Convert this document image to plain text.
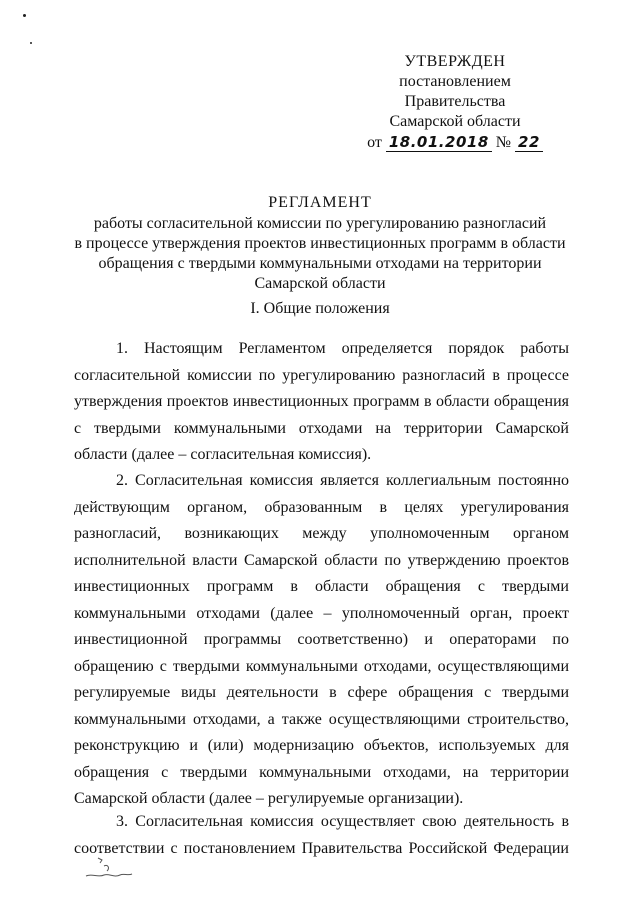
УТВЕРЖДЕН
постановлением Правительства
Самарской области
от 18.01.2018 № 22
РЕГЛАМЕНТ
работы согласительной комиссии по урегулированию разногласий
в процессе утверждения проектов инвестиционных программ в области
обращения с твердыми коммунальными отходами на территории
Самарской области
I. Общие положения

1. Настоящим Регламентом определяется порядок работы согласительной комиссии по урегулированию разногласий в процессе утверждения проектов инвестиционных программ в области обращения с твердыми коммунальными отходами на территории Самарской области (далее – согласительная комиссия).

2. Согласительная комиссия является коллегиальным постоянно действующим органом, образованным в целях урегулирования разногласий, возникающих между уполномоченным органом исполнительной власти Самарской области по утверждению проектов инвестиционных программ в области обращения с твердыми коммунальными отходами (далее – уполномоченный орган, проект инвестиционной программы соответственно) и операторами по обращению с твердыми коммунальными отходами, осуществляющими регулируемые виды деятельности в сфере обращения с твердыми коммунальными отходами, а также осуществляющими строительство, реконструкцию и (или) модернизацию объектов, используемых для обращения с твердыми коммунальными отходами, на территории Самарской области (далее – регулируемые организации).

3. Согласительная комиссия осуществляет свою деятельность в соответствии с постановлением Правительства Российской Федерации
